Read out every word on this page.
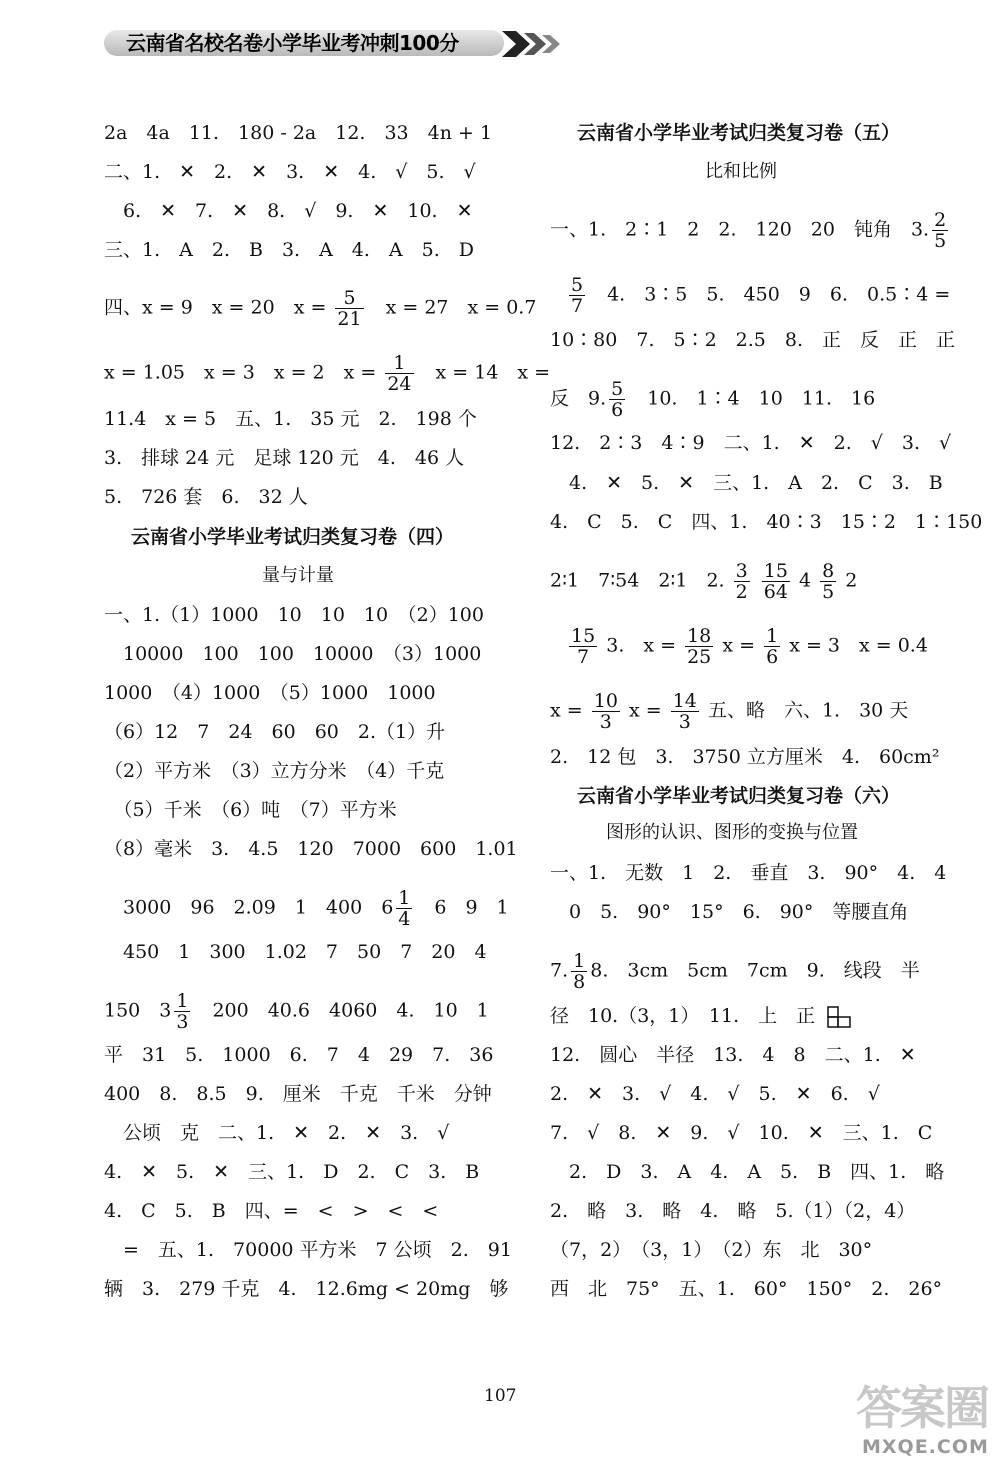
云南省名校名卷小学毕业考冲刺100分
2a　4a　11.　180 - 2a　12.　33　4n + 1
二、1.　✕　2.　✕　3.　✕　4.　√　5.　√
　6.　✕　7.　✕　8.　√　9.　✕　10.　✕
三、1.　A　2.　B　3.　A　4.　A　5.　D
四、x = 9　x = 20　$x = \frac{5}{21}$ 　x = 27　x = 0.7
x = 1.05　x = 3　x = 2　$x = \frac{1}{24}$ 　x = 14　x =
11.4　x = 5　五、1.　35 元　2.　198 个
3.　排球 24 元　足球 120 元　4.　46 人
5.　726 套　6.　32 人
云南省小学毕业考试归类复习卷（四）
量与计量
一、1.（1）1000　10　10　10　（2）100
　10000　100　100　10000　（3）1000
1000　（4）1000　（5）1000　1000
（6）12　7　24　60　60　2.（1）升
（2）平方米　（3）立方分米　（4）千克
　（5）千米　（6）吨　（7）平方米
（8）毫米　3.　4.5　120　7000　600　1.01
　3000　96　2.09　1　400　$6 \frac{1}{4}$ 　6　9　1
　450　1　300　1.02　7　50　7　20　4
150　$3 \frac{1}{3}$ 　200　40.6　4060　4.　10　1
平　31　5.　1000　6.　7　4　29　7.　36
400　8.　8.5　9.　厘米　千克　千米　分钟
　公顷　克　二、1.　✕　2.　✕　3.　√
4.　✕　5.　✕　三、1.　D　2.　C　3.　B
4.　C　5.　B　四、=　<　>　<　<
　=　五、1.　70000 平方米　7 公顷　2.　91
辆　3.　279 千克　4.　12.6mg < 20mg　够
云南省小学毕业考试归类复习卷（五）
比和比例
一、1.　2∶1　2　2.　120　20　钝角　3. $\frac{2}{5}$
$\frac{5}{7}$ 　4.　3∶5　5.　450　9　6.　0.5∶4 =
10∶80　7.　5∶2　2.5　8.　正　反　正　正
反　9. $\frac{5}{6}$ 　10.　1∶4　10　11.　16
12.　2∶3　4∶9　二、1.　✕　2.　√　3.　√
　4.　✕　5.　✕　三、1.　A　2.　C　3.　B
4.　C　5.　C　四、1.　40∶3　15∶2　1∶150
2∶1　7∶54　2∶1　2. $\frac{3}{2}$
$\frac{15}{64} 4 \frac{8}{5} 2$
$\frac{15}{7} 3$.　$x = \frac{18}{25}$ $x = \frac{1}{6}$ x = 3　x = 0.4
$x = \frac{10}{3}$ $x = \frac{14}{3}$ 五、略　六、1.　30 天
2.　12 包　3.　3750 立方厘米　4.　60cm²
云南省小学毕业考试归类复习卷（六）
图形的认识、图形的变换与位置
一、1.　无数　1　2.　垂直　3.　90°　4.　4
　0　5.　90°　15°　6.　90°　等腰直角
7. $\frac{1}{8} 8$.　3cm　5cm　7cm　9.　线段　半
径　10.（3，1）　11.　上　正
12.　圆心　半径　13.　4　8　二、1.　✕
2.　✕　3.　√　4.　√　5.　✕　6.　√
7.　√　8.　✕　9.　√　10.　✕　三、1.　C
　2.　D　3.　A　4.　A　5.　B　四、1.　略
2.　略　3.　略　4.　略　5.（1）（2，4）
（7，2）　（3，1）　（2）东　北　30°
西　北　75°　五、1.　60°　150°　2.　26°
107	答案圈
MXQE.COM
